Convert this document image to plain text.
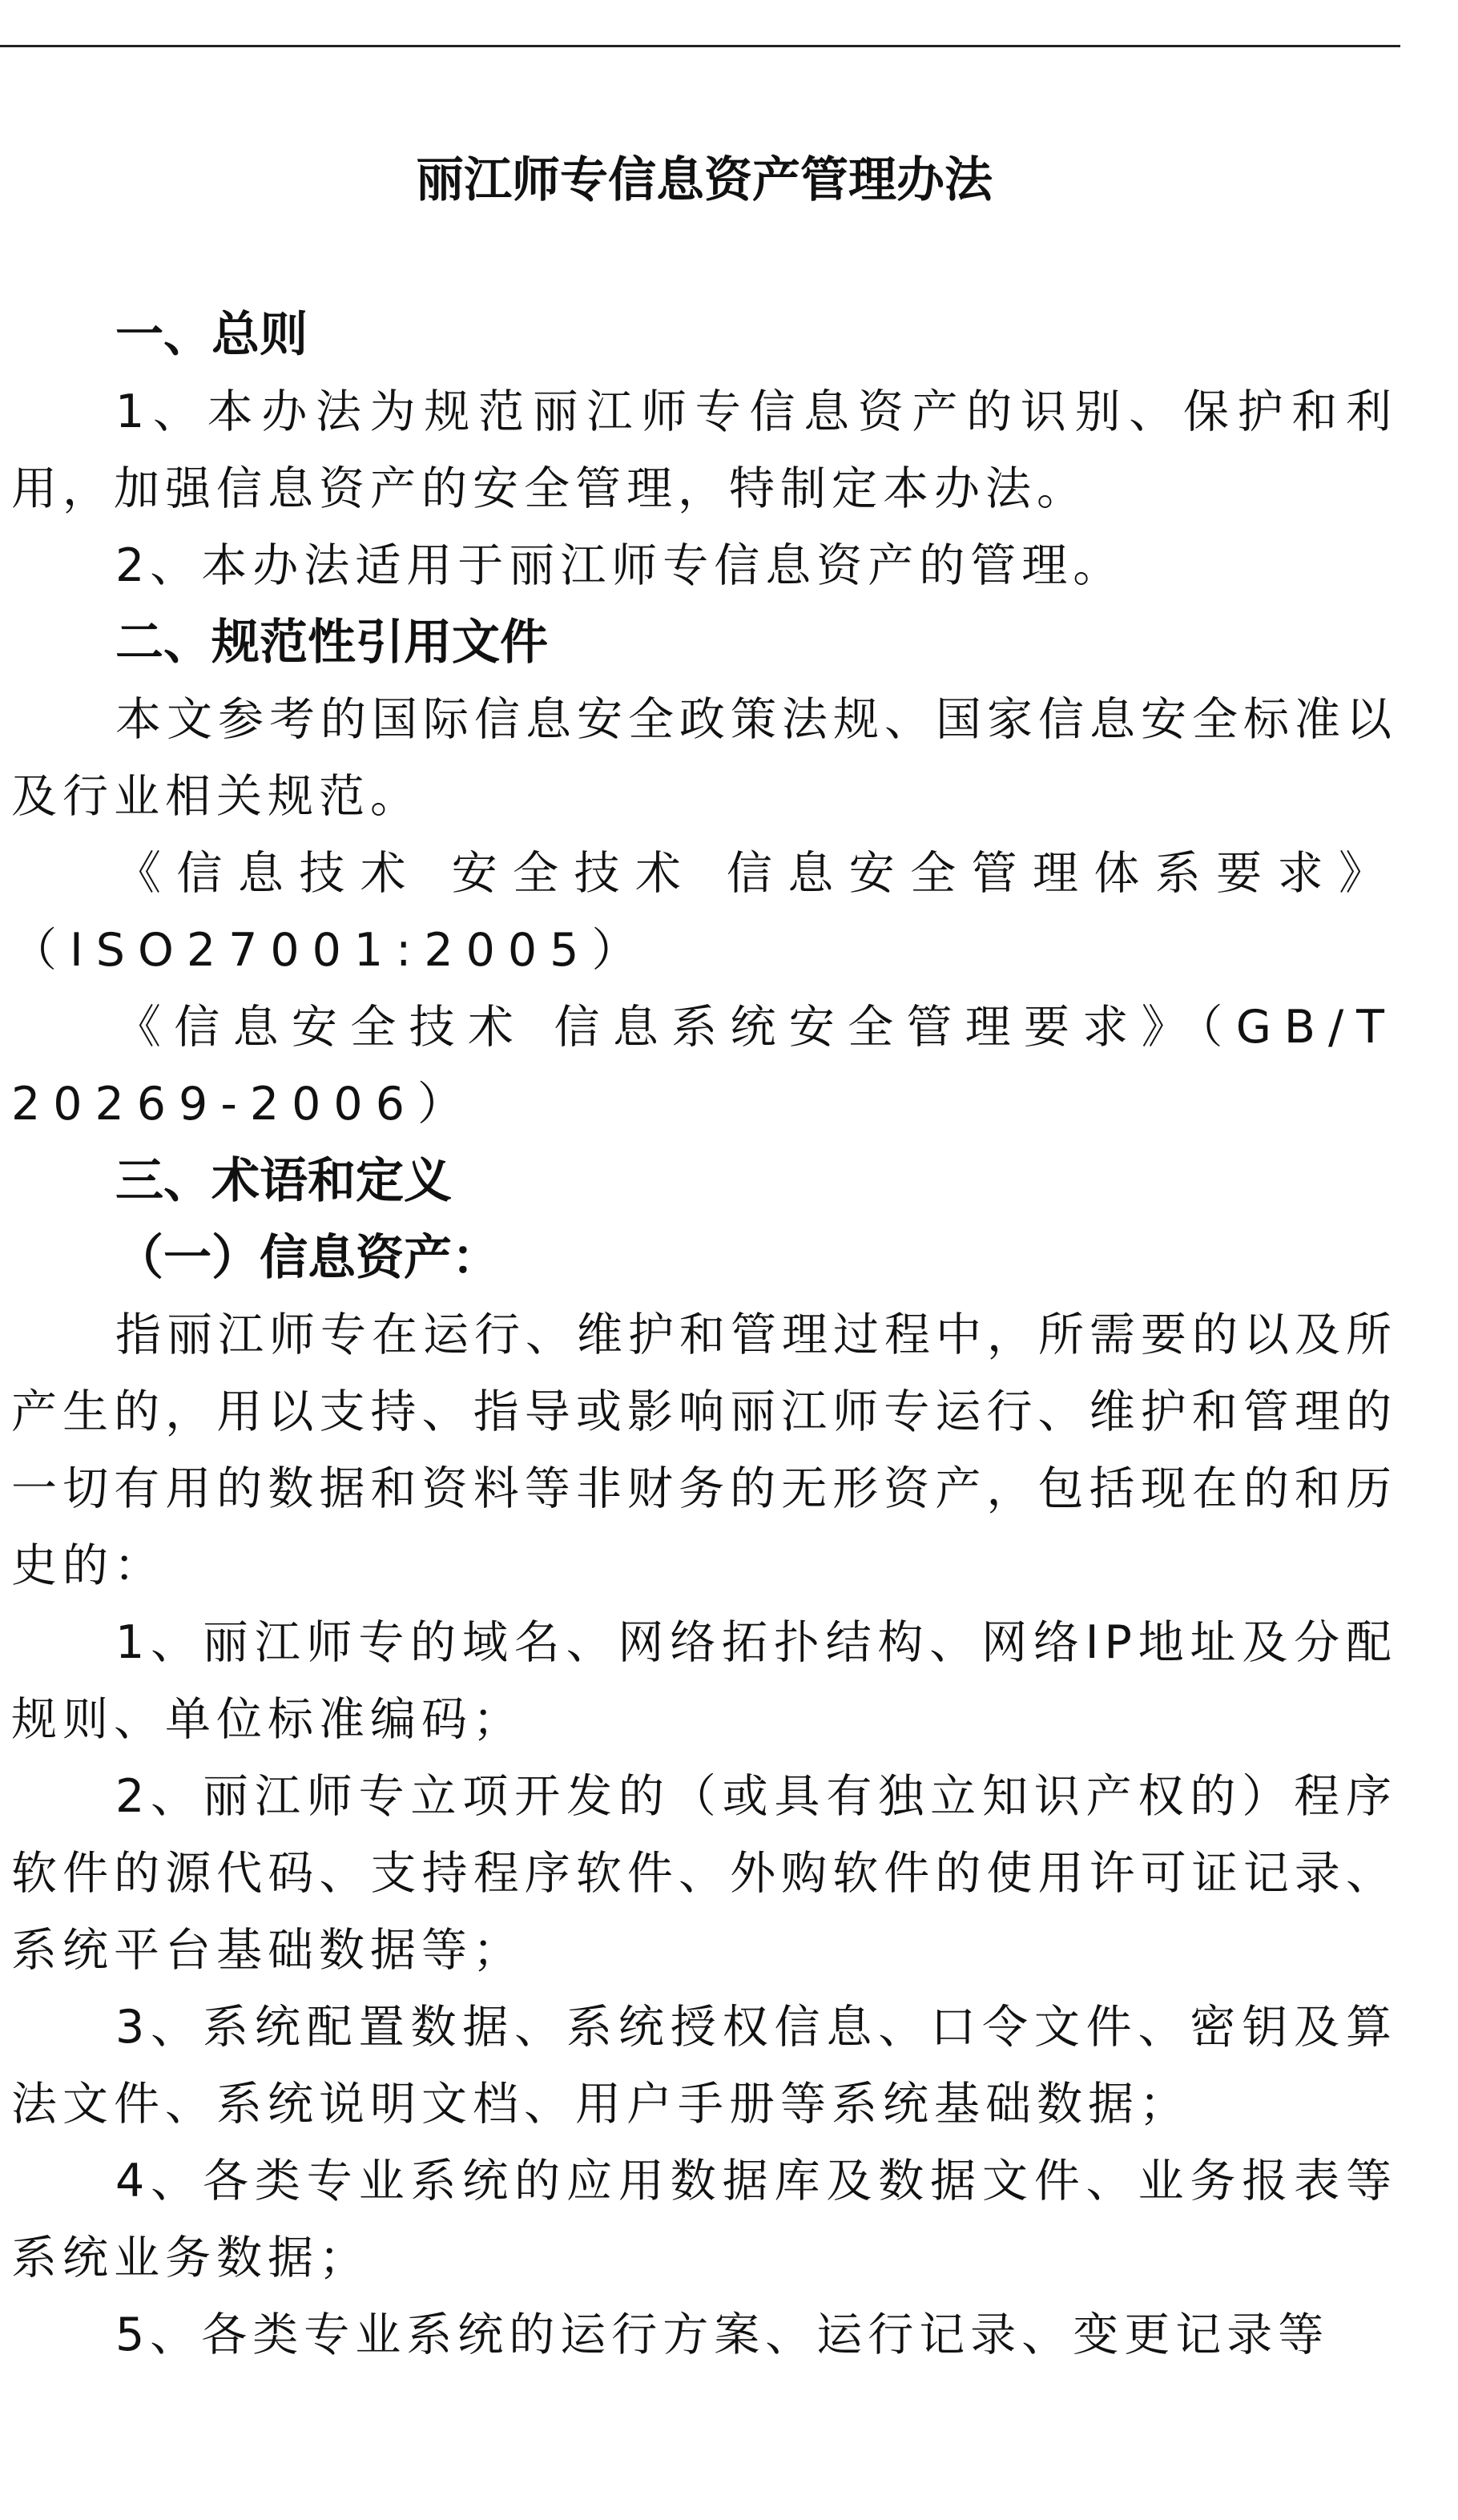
丽江师专信息资产管理办法

一、总则

1、本办法为规范丽江师专信息资产的识别、保护和利用，加强信息资产的安全管理，特制定本办法。

2、本办法适用于丽江师专信息资产的管理。

二、规范性引用文件

本文参考的国际信息安全政策法规、国家信息安全标准以及行业相关规范。

《信息技术 安全技术 信息安全管理体系要求》（ISO27001:2005）

《信息安全技术 信息系统安全管理要求》（GB/T 20269-2006）

三、术语和定义

（一）信息资产：

指丽江师专在运行、维护和管理过程中，所需要的以及所产生的，用以支持、指导或影响丽江师专运行、维护和管理的一切有用的数据和资料等非财务的无形资产，包括现在的和历史的：

1、丽江师专的域名、网络拓扑结构、网络IP地址及分配规则、单位标准编码；

2、丽江师专立项开发的（或具有独立知识产权的）程序软件的源代码、支持程序软件、外购软件的使用许可证记录、系统平台基础数据等；

3、系统配置数据、系统授权信息、口令文件、密钥及算法文件、系统说明文档、用户手册等系统基础数据；

4、各类专业系统的应用数据库及数据文件、业务报表等系统业务数据；

5、各类专业系统的运行方案、运行记录、变更记录等
